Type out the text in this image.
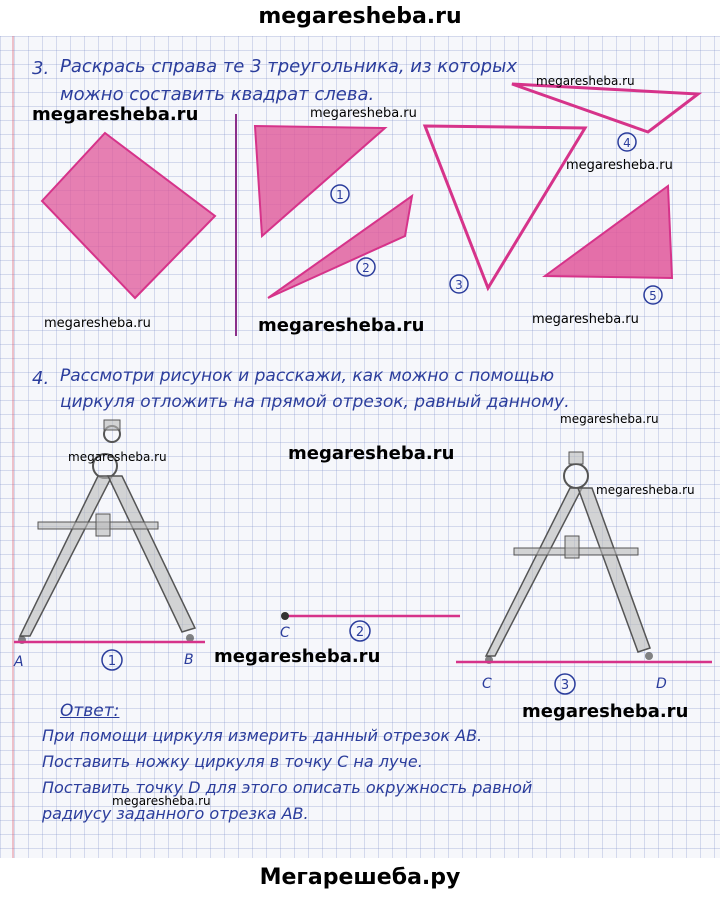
megaresheba.ru
3. Раскрась справа те 3 треугольника, из которых
можно составить квадрат слева.
4. Рассмотри рисунок и расскажи, как можно с помощью
циркуля отложить на прямой отрезок, равный данному.
Ответ:
При помощи циркуля измерить данный отрезок АВ.
Поставить ножку циркуля в точку С на луче.
Поставить точку D для этого описать окружность равной
радиусу заданного отрезка АВ.
1
2
3
4
5
1
2
3
A	B
C
C	D
megaresheba.ru
megaresheba.ru	megaresheba.ru
megaresheba.ru
megaresheba.ru	megaresheba.ru	megaresheba.ru
megaresheba.ru
megaresheba.ru	megaresheba.ru
megaresheba.ru
megaresheba.ru
megaresheba.ru
megaresheba.ru
Мегарешеба.ру
